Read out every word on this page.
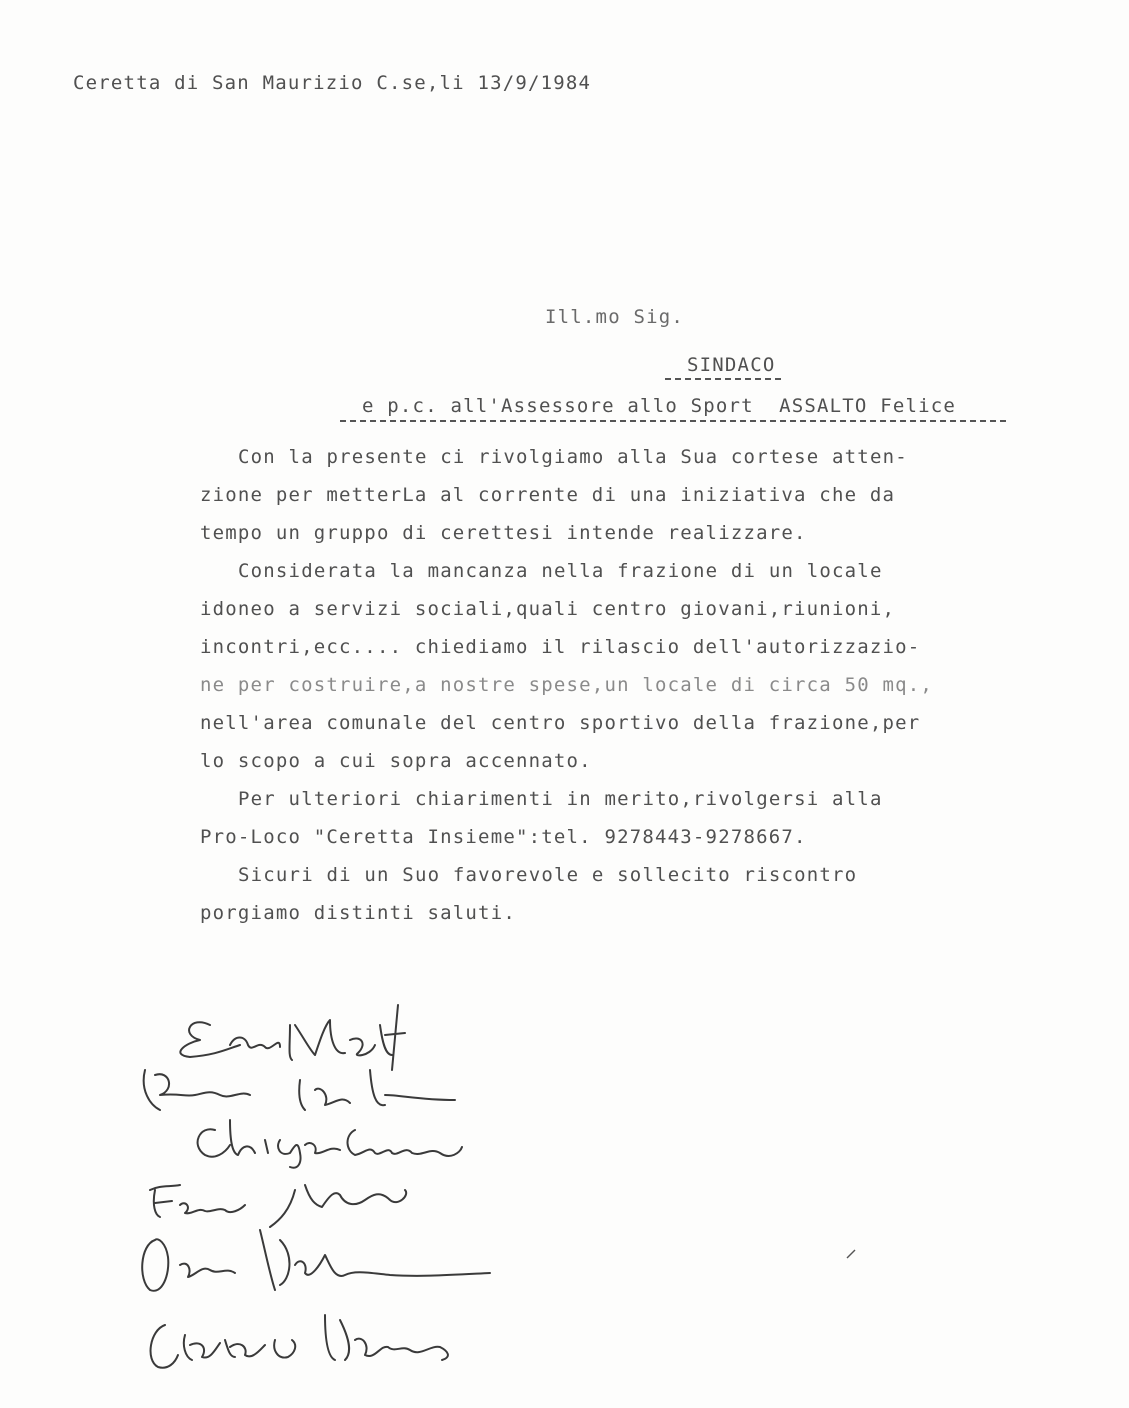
Ceretta di San Maurizio C.se,li 13/9/1984
Ill.mo Sig.
SINDACO
e p.c. all'Assessore allo Sport  ASSALTO Felice
Con la presente ci rivolgiamo alla Sua cortese atten-
zione per metterLa al corrente di una iniziativa che da
tempo un gruppo di cerettesi intende realizzare.
Considerata la mancanza nella frazione di un locale
idoneo a servizi sociali,quali centro giovani,riunioni,
incontri,ecc.... chiediamo il rilascio dell'autorizzazio-
ne per costruire,a nostre spese,un locale di circa 50 mq.,
nell'area comunale del centro sportivo della frazione,per
lo scopo a cui sopra accennato.
Per ulteriori chiarimenti in merito,rivolgersi alla
Pro-Loco "Ceretta Insieme":tel. 9278443-9278667.
Sicuri di un Suo favorevole e sollecito riscontro
porgiamo distinti saluti.
